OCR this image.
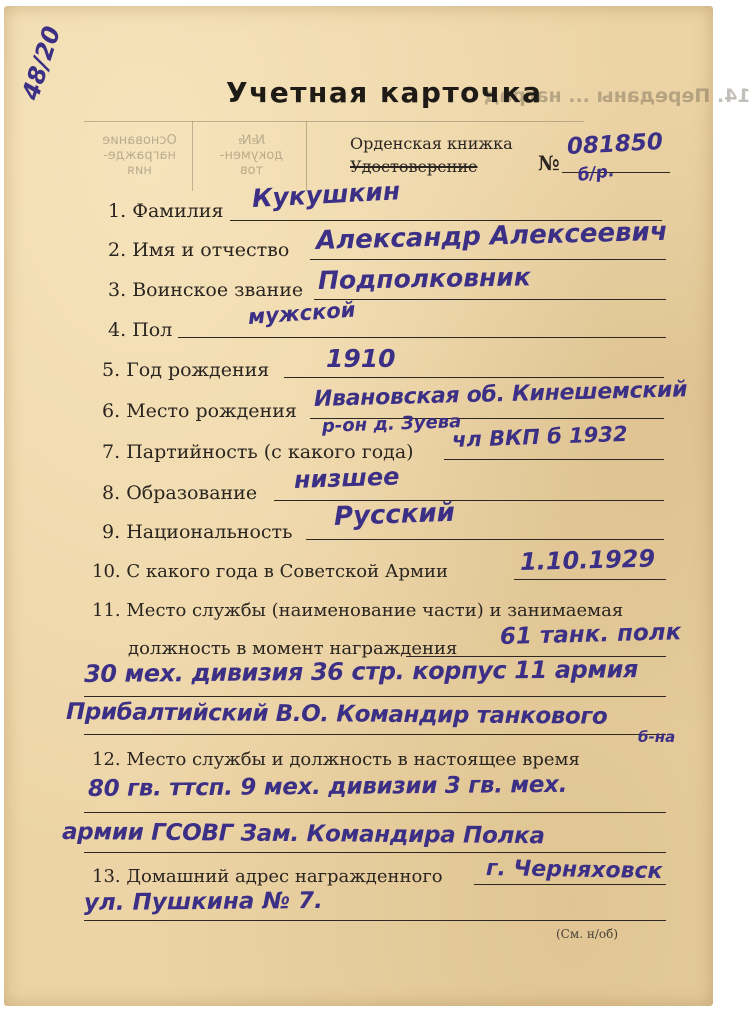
48/20	14. Переданы ... наград
Основание
награжде-
ния
№№
докумен-
тов
Учетная карточка
Орденская книжка
Удостоверение	№
081850
б/р.
1. Фамилия Кукушкин
2. Имя и отчество Александр Алексеевич
3. Воинское звание Подполковник
4. Пол
мужской
5. Год рождения 1910
6. Место рождения Ивановская об. Кинешемский
р-он д. Зуева
7. Партийность (с какого года)
чл ВКП б 1932
8. Образование низшее
9. Национальность
Русский
10. С какого года в Советской Армии	1.10.1929
11. Место службы (наименование части) и занимаемая
должность в момент награждения 61 танк. полк
30 мех. дивизия 36 стр. корпус 11 армия
Прибалтийский В.О. Командир танкового
б-на
12. Место службы и должность в настоящее время
80 гв. ттсп. 9 мех. дивизии 3 гв. мех.
армии ГСОВГ Зам. Командира Полка
13. Домашний адрес награжденного г. Черняховск
ул. Пушкина № 7.
(См. н/об)
